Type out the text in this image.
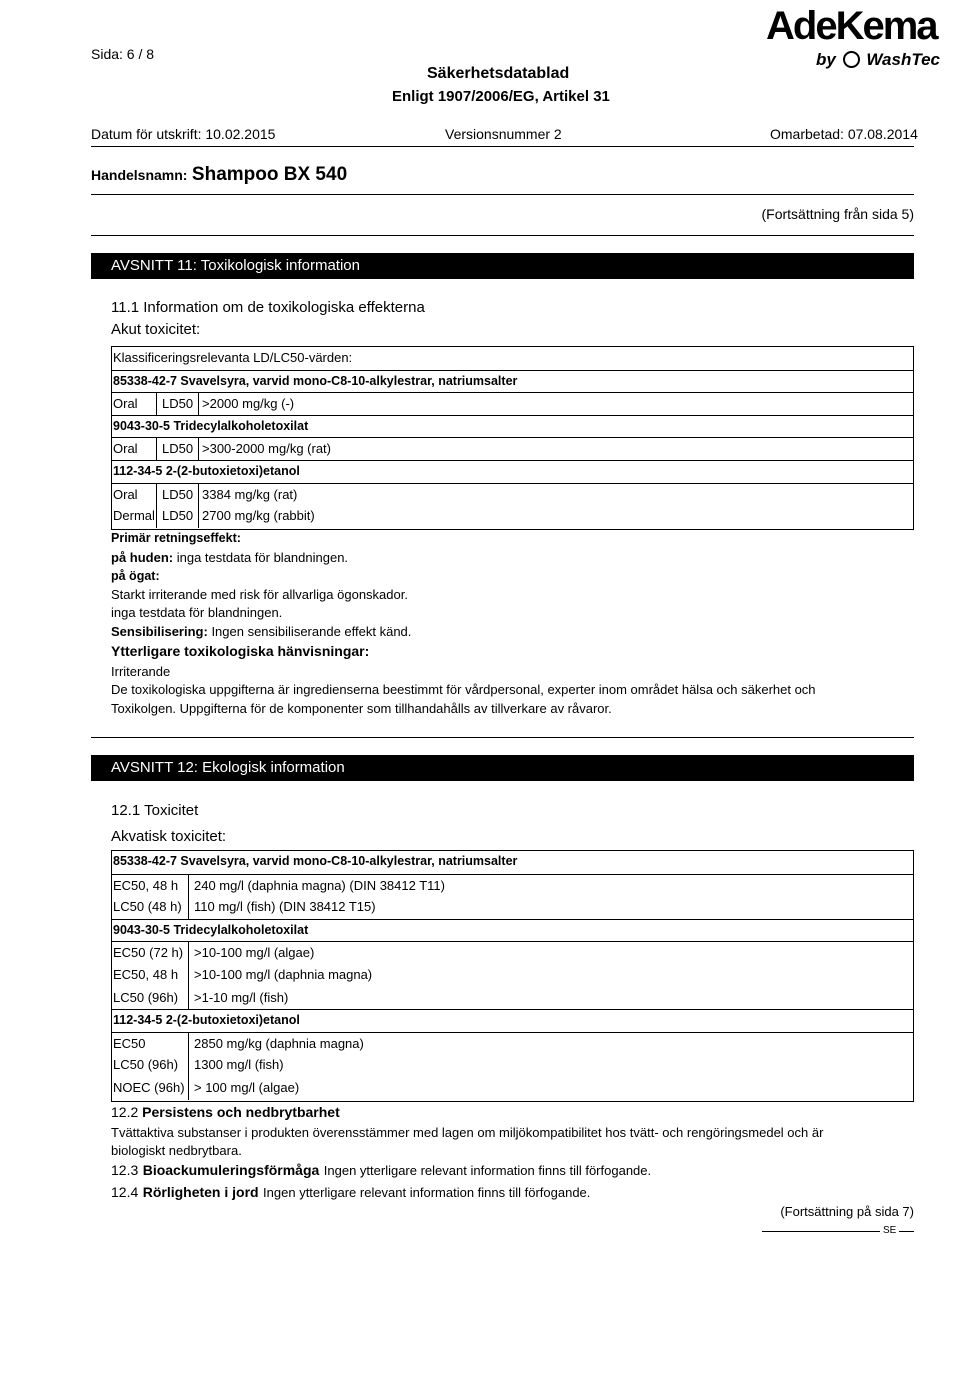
Sida: 6 / 8
Säkerhetsdatablad
Enligt 1907/2006/EG, Artikel 31
AdeKema
by WashTec
Datum för utskrift: 10.02.2015	Versionsnummer 2	Omarbetad: 07.08.2014
Handelsnamn: Shampoo BX 540
(Fortsättning från sida 5)
AVSNITT 11: Toxikologisk information
11.1 Information om de toxikologiska effekterna
Akut toxicitet:
Klassificeringsrelevanta LD/LC50-värden:
85338-42-7 Svavelsyra, varvid mono-C8-10-alkylestrar, natriumsalter
Oral LD50 >2000 mg/kg (-)
9043-30-5 Tridecylalkoholetoxilat
Oral LD50 >300-2000 mg/kg (rat)
112-34-5 2-(2-butoxietoxi)etanol
Oral LD50 3384 mg/kg (rat)
Dermal LD50 2700 mg/kg (rabbit)
Primär retningseffekt:
på huden: inga testdata för blandningen.
på ögat:
Starkt irriterande med risk för allvarliga ögonskador.
inga testdata för blandningen.
Sensibilisering: Ingen sensibiliserande effekt känd.
Ytterligare toxikologiska hänvisningar:
Irriterande
De toxikologiska uppgifterna är ingredienserna beestimmt för vårdpersonal, experter inom området hälsa och säkerhet och
Toxikolgen. Uppgifterna för de komponenter som tillhandahålls av tillverkare av råvaror.
AVSNITT 12: Ekologisk information
12.1 Toxicitet
Akvatisk toxicitet:
85338-42-7 Svavelsyra, varvid mono-C8-10-alkylestrar, natriumsalter
EC50, 48 h 240 mg/l (daphnia magna) (DIN 38412 T11)
LC50 (48 h) 110 mg/l (fish) (DIN 38412 T15)
9043-30-5 Tridecylalkoholetoxilat
EC50 (72 h) >10-100 mg/l (algae)
EC50, 48 h >10-100 mg/l (daphnia magna)
LC50 (96h) >1-10 mg/l (fish)
112-34-5 2-(2-butoxietoxi)etanol
EC50	2850 mg/kg (daphnia magna)
LC50 (96h) 1300 mg/l (fish)
NOEC (96h) > 100 mg/l (algae)
12.2 Persistens och nedbrytbarhet
Tvättaktiva substanser i produkten överensstämmer med lagen om miljökompatibilitet hos tvätt- och rengöringsmedel och är
biologiskt nedbrytbara.
12.3 Bioackumuleringsförmåga Ingen ytterligare relevant information finns till förfogande.
12.4 Rörligheten i jord Ingen ytterligare relevant information finns till förfogande.
(Fortsättning på sida 7)
SE
